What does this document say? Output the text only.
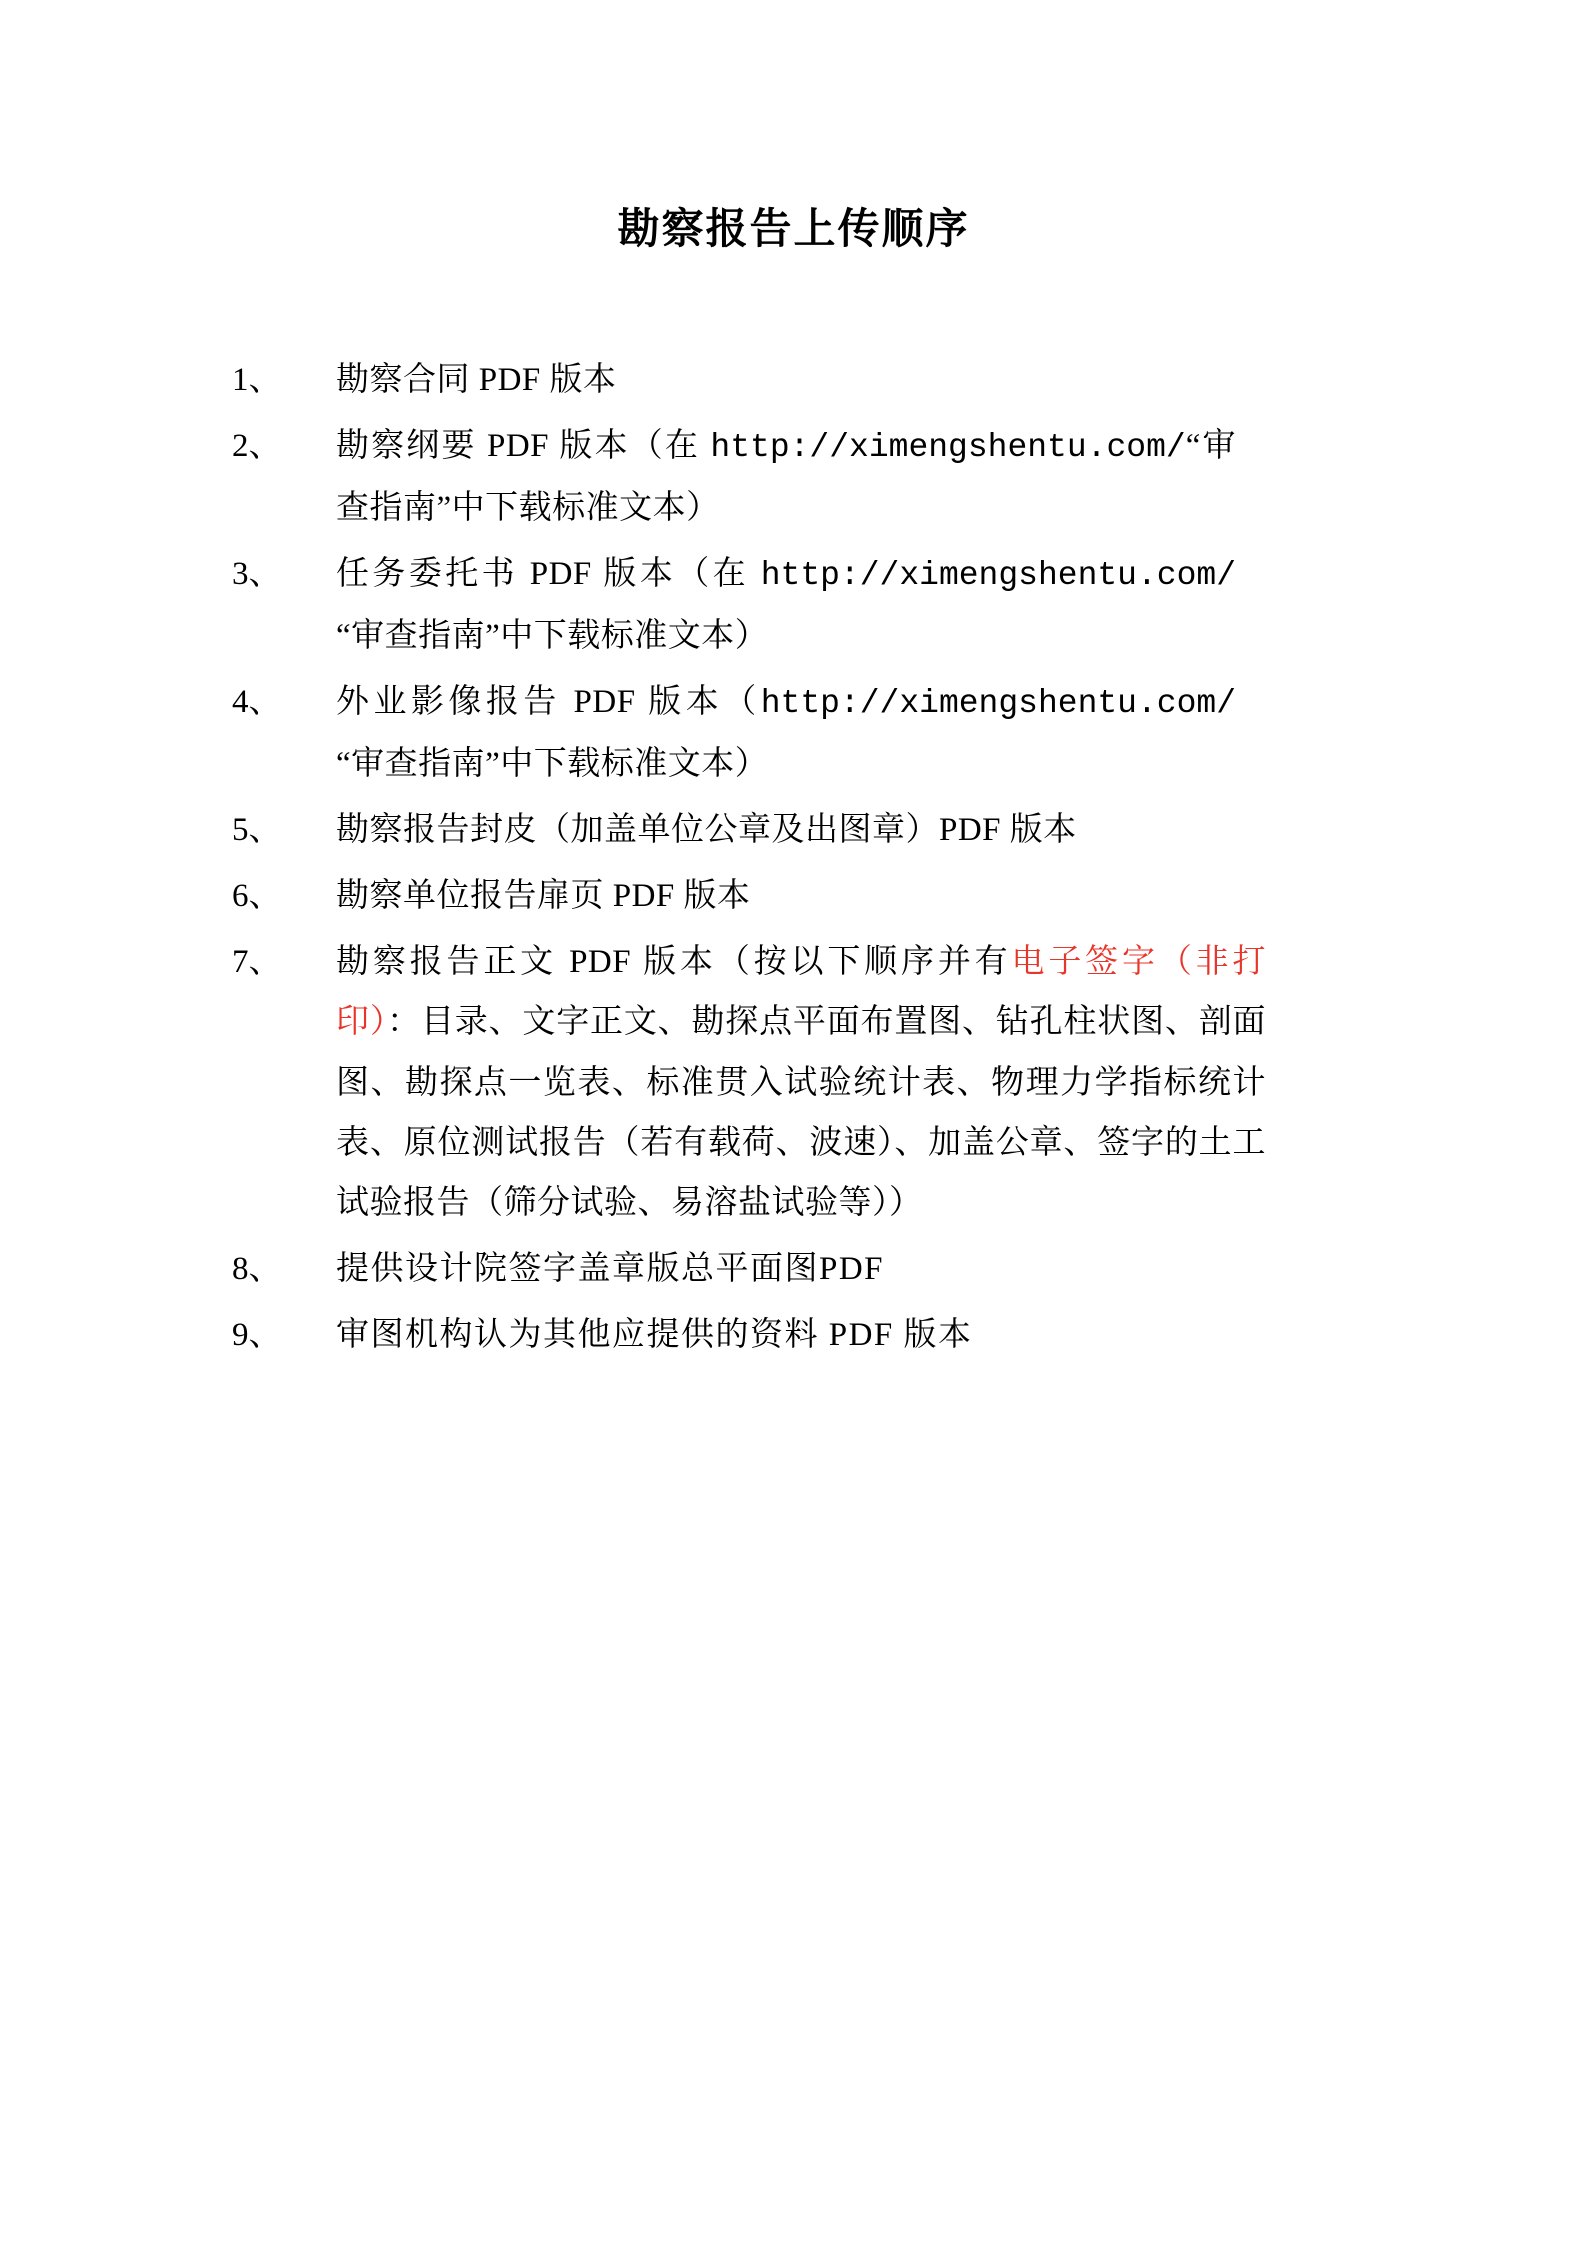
勘察报告上传顺序
1、	勘察合同 PDF 版本
2、	勘察纲要 PDF 版本（在 http://ximengshentu.com/“审查指南”中下载标准文本）
3、	任务委托书 PDF 版本（在 http://ximengshentu.com/“审查指南”中下载标准文本）
4、	外业影像报告 PDF 版本（http://ximengshentu.com/“审查指南”中下载标准文本）
5、	勘察报告封皮（加盖单位公章及出图章）PDF 版本
6、	勘察单位报告扉页 PDF 版本
7、	勘察报告正文 PDF 版本（按以下顺序并有电子签字（非打印）：目录、文字正文、勘探点平面布置图、钻孔柱状图、剖面图、勘探点一览表、标准贯入试验统计表、物理力学指标统计表、原位测试报告（若有载荷、波速）、加盖公章、签字的土工试验报告（筛分试验、易溶盐试验等））
8、	提供设计院签字盖章版总平面图PDF
9、	审图机构认为其他应提供的资料 PDF 版本
